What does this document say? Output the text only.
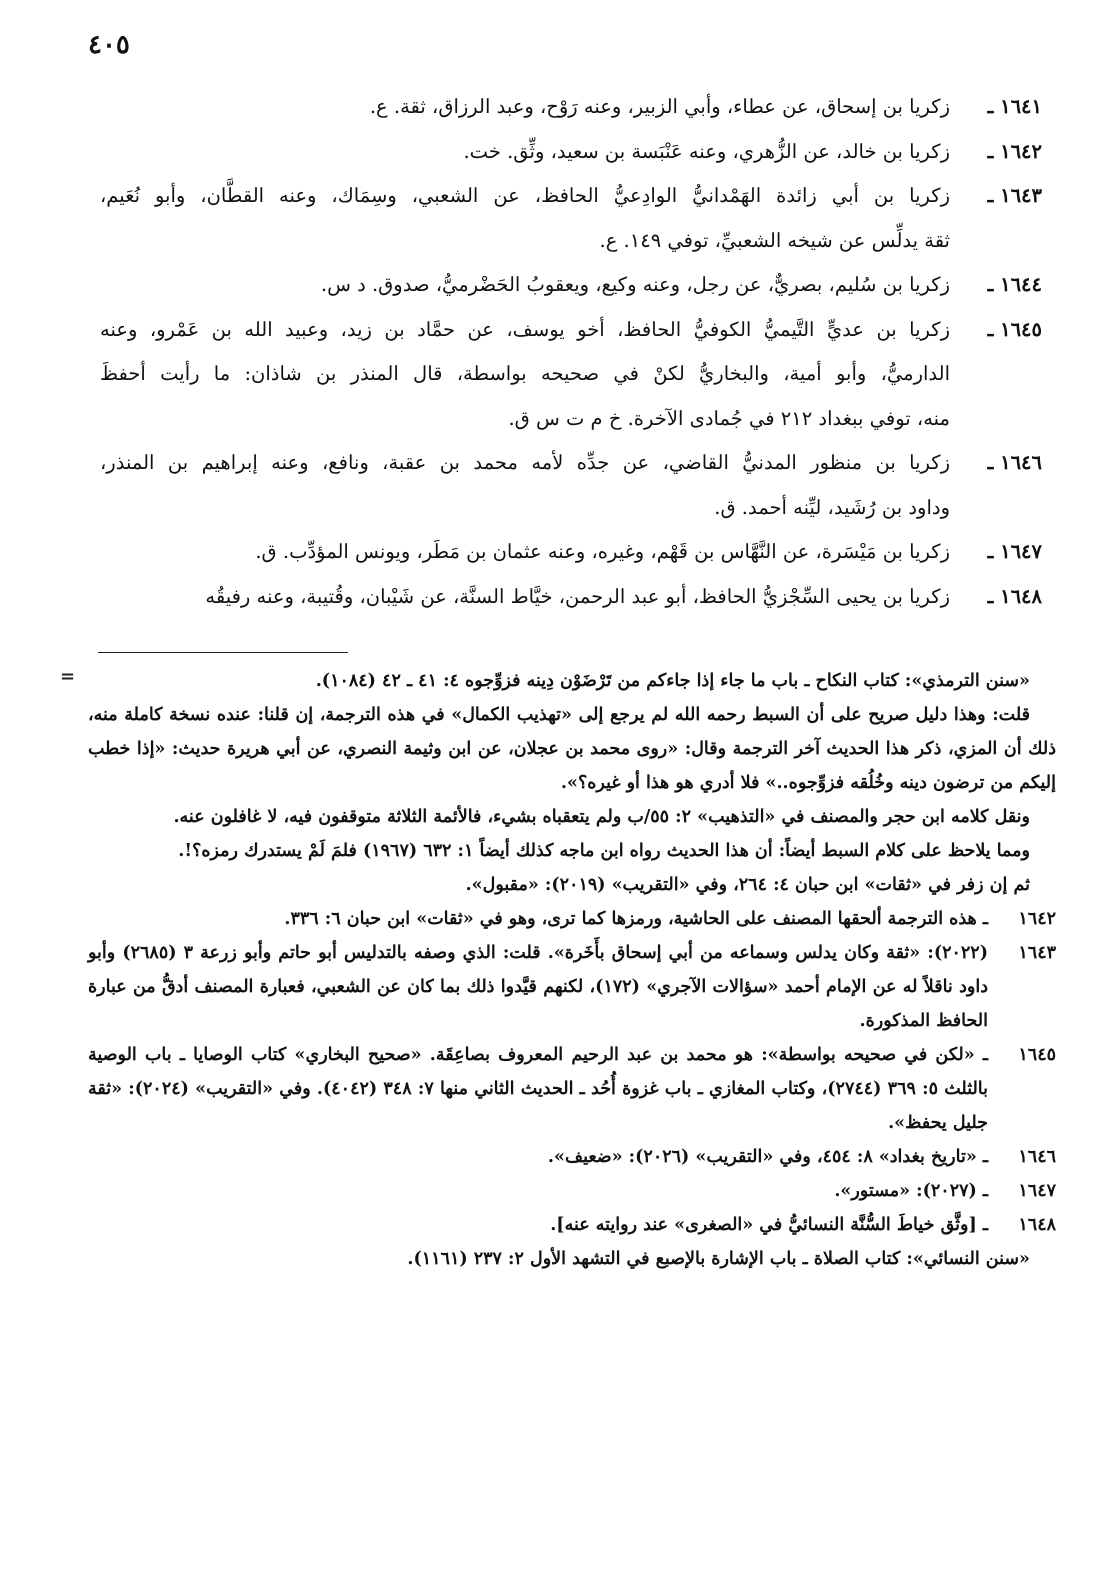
٤٠٥
١٦٤١ ـ
زكريا بن إسحاق، عن عطاء، وأبي الزبير، وعنه رَوْح، وعبد الرزاق، ثقة. ع.
١٦٤٢ ـ
زكريا بن خالد، عن الزُّهري، وعنه عَنْبَسة بن سعيد، وثِّق. خت.
١٦٤٣ ـ
زكريا بن أبي زائدة الهَمْدانيُّ الوادِعيُّ الحافظ، عن الشعبي، وسِمَاك، وعنه القطَّان، وأبو نُعَيم،
ثقة يدلِّس عن شيخه الشعبيِّ، توفي ١٤٩. ع.
١٦٤٤ ـ
زكريا بن سُليم، بصريٌّ، عن رجل، وعنه وكيع، ويعقوبُ الحَضْرميُّ، صدوق. د س.
١٦٤٥ ـ
زكريا بن عديٍّ التَّيميُّ الكوفيُّ الحافظ، أخو يوسف، عن حمَّاد بن زيد، وعبيد الله بن عَمْرو، وعنه
الدارميُّ، وأبو أمية، والبخاريُّ لكنْ في صحيحه بواسطة، قال المنذر بن شاذان: ما رأيت أحفظَ
منه، توفي ببغداد ٢١٢ في جُمادى الآخرة. خ م ت س ق.
١٦٤٦ ـ
زكريا بن منظور المدنيُّ القاضي، عن جدِّه لأمه محمد بن عقبة، ونافع، وعنه إبراهيم بن المنذر،
وداود بن رُشَيد، ليِّنه أحمد. ق.
١٦٤٧ ـ
زكريا بن مَيْسَرة، عن النَّهَّاس بن قَهْم، وغيره، وعنه عثمان بن مَطَر، ويونس المؤدِّب. ق.
١٦٤٨ ـ
زكريا بن يحيى السِّجْزيُّ الحافظ، أبو عبد الرحمن، خيَّاط السنَّة، عن شَيْبان، وقُتيبة، وعنه رفيقُه
=	«سنن الترمذي»: كتاب النكاح ـ باب ما جاء إذا جاءكم من تَرْضَوْن دِينه فزوِّجوه ٤: ٤١ ـ ٤٢ (١٠٨٤).
قلت: وهذا دليل صريح على أن السبط رحمه الله لم يرجع إلى «تهذيب الكمال» في هذه الترجمة، إن قلنا: عنده نسخة كاملة منه، ذلك أن المزي، ذكر هذا الحديث آخر الترجمة وقال: «روى محمد بن عجلان، عن ابن وثيمة النصري، عن أبي هريرة حديث: «إذا خطب إليكم من ترضون دينه وخُلُقه فزوِّجوه..» فلا أدري هو هذا أو غيره؟».
ونقل كلامه ابن حجر والمصنف في «التذهيب» ٢: ٥٥/ب ولم يتعقباه بشيء، فالأئمة الثلاثة متوقفون فيه، لا غافلون عنه.
ومما يلاحظ على كلام السبط أيضاً: أن هذا الحديث رواه ابن ماجه كذلك أيضاً ١: ٦٣٢ (١٩٦٧) فلمَ لَمْ يستدرك رمزه؟!.
ثم إن زفر في «ثقات» ابن حبان ٤: ٢٦٤، وفي «التقريب» (٢٠١٩): «مقبول».
١٦٤٢
ـ هذه الترجمة ألحقها المصنف على الحاشية، ورمزها كما ترى، وهو في «ثقات» ابن حبان ٦: ٣٣٦.
١٦٤٣
(٢٠٢٢): «ثقة وكان يدلس وسماعه من أبي إسحاق بأَخَرة». قلت: الذي وصفه بالتدليس أبو حاتم وأبو زرعة ٣ (٢٦٨٥) وأبو داود ناقلاً له عن الإمام أحمد «سؤالات الآجري» (١٧٢)، لكنهم قيَّدوا ذلك بما كان عن الشعبي، فعبارة المصنف أدقُّ من عبارة الحافظ المذكورة.
١٦٤٥
ـ «لكن في صحيحه بواسطة»: هو محمد بن عبد الرحيم المعروف بصاعِقَة. «صحيح البخاري» كتاب الوصايا ـ باب الوصية بالثلث ٥: ٣٦٩ (٢٧٤٤)، وكتاب المغازي ـ باب غزوة أُحُد ـ الحديث الثاني منها ٧: ٣٤٨ (٤٠٤٢). وفي «التقريب» (٢٠٢٤): «ثقة جليل يحفظ».
١٦٤٦
ـ «تاريخ بغداد» ٨: ٤٥٤، وفي «التقريب» (٢٠٢٦): «ضعيف».
١٦٤٧
ـ (٢٠٢٧): «مستور».
١٦٤٨
ـ [وثَّق خياطَ السُّنَّة النسائيُّ في «الصغرى» عند روايته عنه].
«سنن النسائي»: كتاب الصلاة ـ باب الإشارة بالإصبع في التشهد الأول ٢: ٢٣٧ (١١٦١).
